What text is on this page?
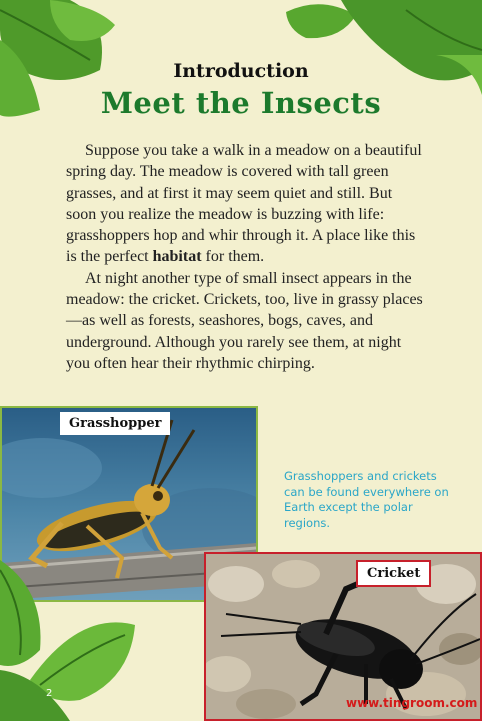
Introduction
Meet the Insects

Suppose you take a walk in a meadow on a beautiful spring day. The meadow is covered with tall green grasses, and at first it may seem quiet and still. But soon you realize the meadow is buzzing with life: grasshoppers hop and whir through it. A place like this is the perfect habitat for them.

At night another type of small insect appears in the meadow: the cricket. Crickets, too, live in grassy places—as well as forests, seashores, bogs, caves, and underground. Although you rarely see them, at night you often hear their rhythmic chirping.

Grasshopper
Grasshoppers and crickets can be found everywhere on Earth except the polar regions.
Cricket
2
www.tingroom.com
